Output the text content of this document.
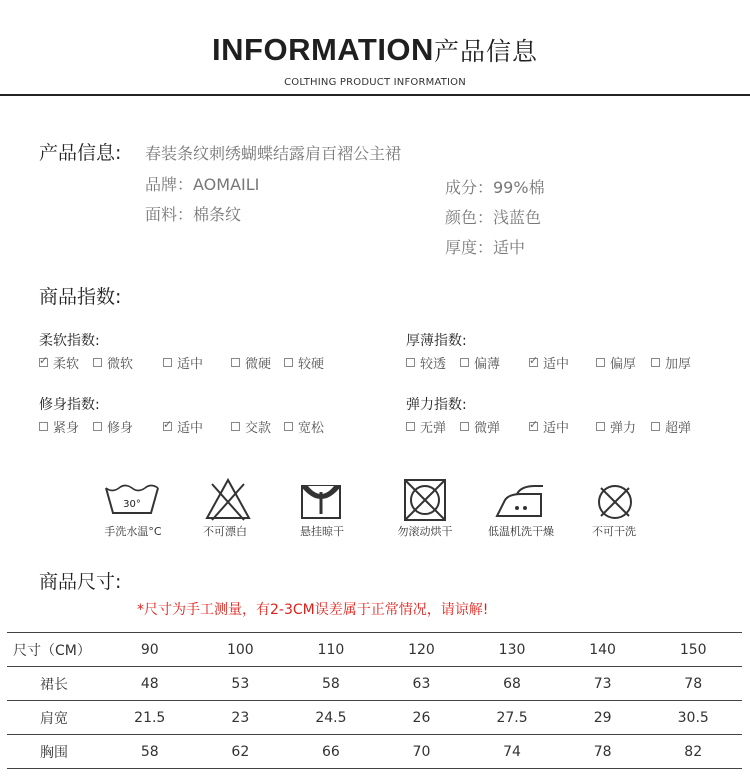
INFORMATION产品信息
COLTHING PRODUCT INFORMATION
产品信息: 春装条纹刺绣蝴蝶结露肩百褶公主裙
品牌：AOMAILI
面料：棉条纹
成分：99%棉
颜色：浅蓝色
厚度：适中
商品指数:
柔软指数:
✓
柔软 微软	适中	微硬 较硬
厚薄指数:
较透 偏薄 ✓	适中	偏厚 加厚
修身指数:
紧身 修身 ✓	适中	交款 宽松
弹力指数:
无弹 微弹 ✓	适中	弹力 超弹
30°
手洗水温°C	不可漂白	悬挂晾干	勿滚动烘干	低温机洗干燥	不可干洗
商品尺寸:
*尺寸为手工测量，有2-3CM误差属于正常情况，请谅解!
尺寸（CM）	90	100	110	120	130	140	150
裙长	48	53	58	63	68	73	78
肩宽	21.5	23	24.5	26	27.5	29	30.5
胸围	58	62	66	70	74	78	82
